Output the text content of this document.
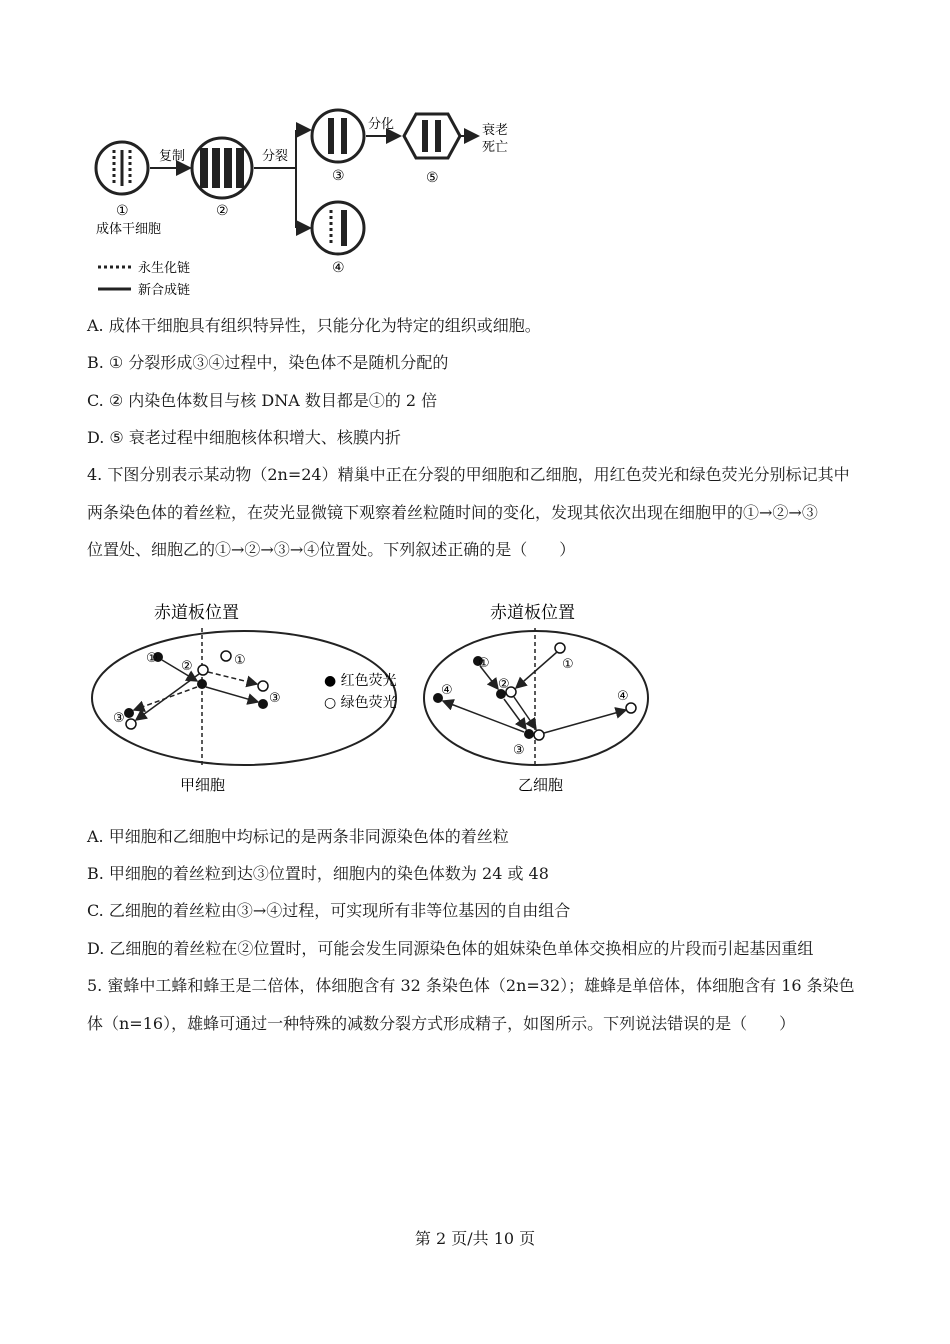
复制	分裂
分化	衰老
死亡
①	②
③	⑤
④
成体干细胞
永生化链
新合成链
A. 成体干细胞具有组织特异性，只能分化为特定的组织或细胞。
B. ① 分裂形成③④过程中，染色体不是随机分配的
C. ② 内染色体数目与核 DNA 数目都是①的 2 倍
D. ⑤ 衰老过程中细胞核体积增大、核膜内折
4. 下图分别表示某动物（2n=24）精巢中正在分裂的甲细胞和乙细胞，用红色荧光和绿色荧光分别标记其中
两条染色体的着丝粒，在荧光显微镜下观察着丝粒随时间的变化，发现其依次出现在细胞甲的①→②→③
位置处、细胞乙的①→②→③→④位置处。下列叙述正确的是（　　）
赤道板位置
①
②	①
③
③
甲细胞
● 红色荧光
○ 绿色荧光
赤道板位置
①
②
①
③
④	④
乙细胞
A. 甲细胞和乙细胞中均标记的是两条非同源染色体的着丝粒
B. 甲细胞的着丝粒到达③位置时，细胞内的染色体数为 24 或 48
C. 乙细胞的着丝粒由③→④过程，可实现所有非等位基因的自由组合
D. 乙细胞的着丝粒在②位置时，可能会发生同源染色体的姐妹染色单体交换相应的片段而引起基因重组
5. 蜜蜂中工蜂和蜂王是二倍体，体细胞含有 32 条染色体（2n=32）；雄蜂是单倍体，体细胞含有 16 条染色
体（n=16），雄蜂可通过一种特殊的减数分裂方式形成精子，如图所示。下列说法错误的是（　　）
第 2 页/共 10 页
